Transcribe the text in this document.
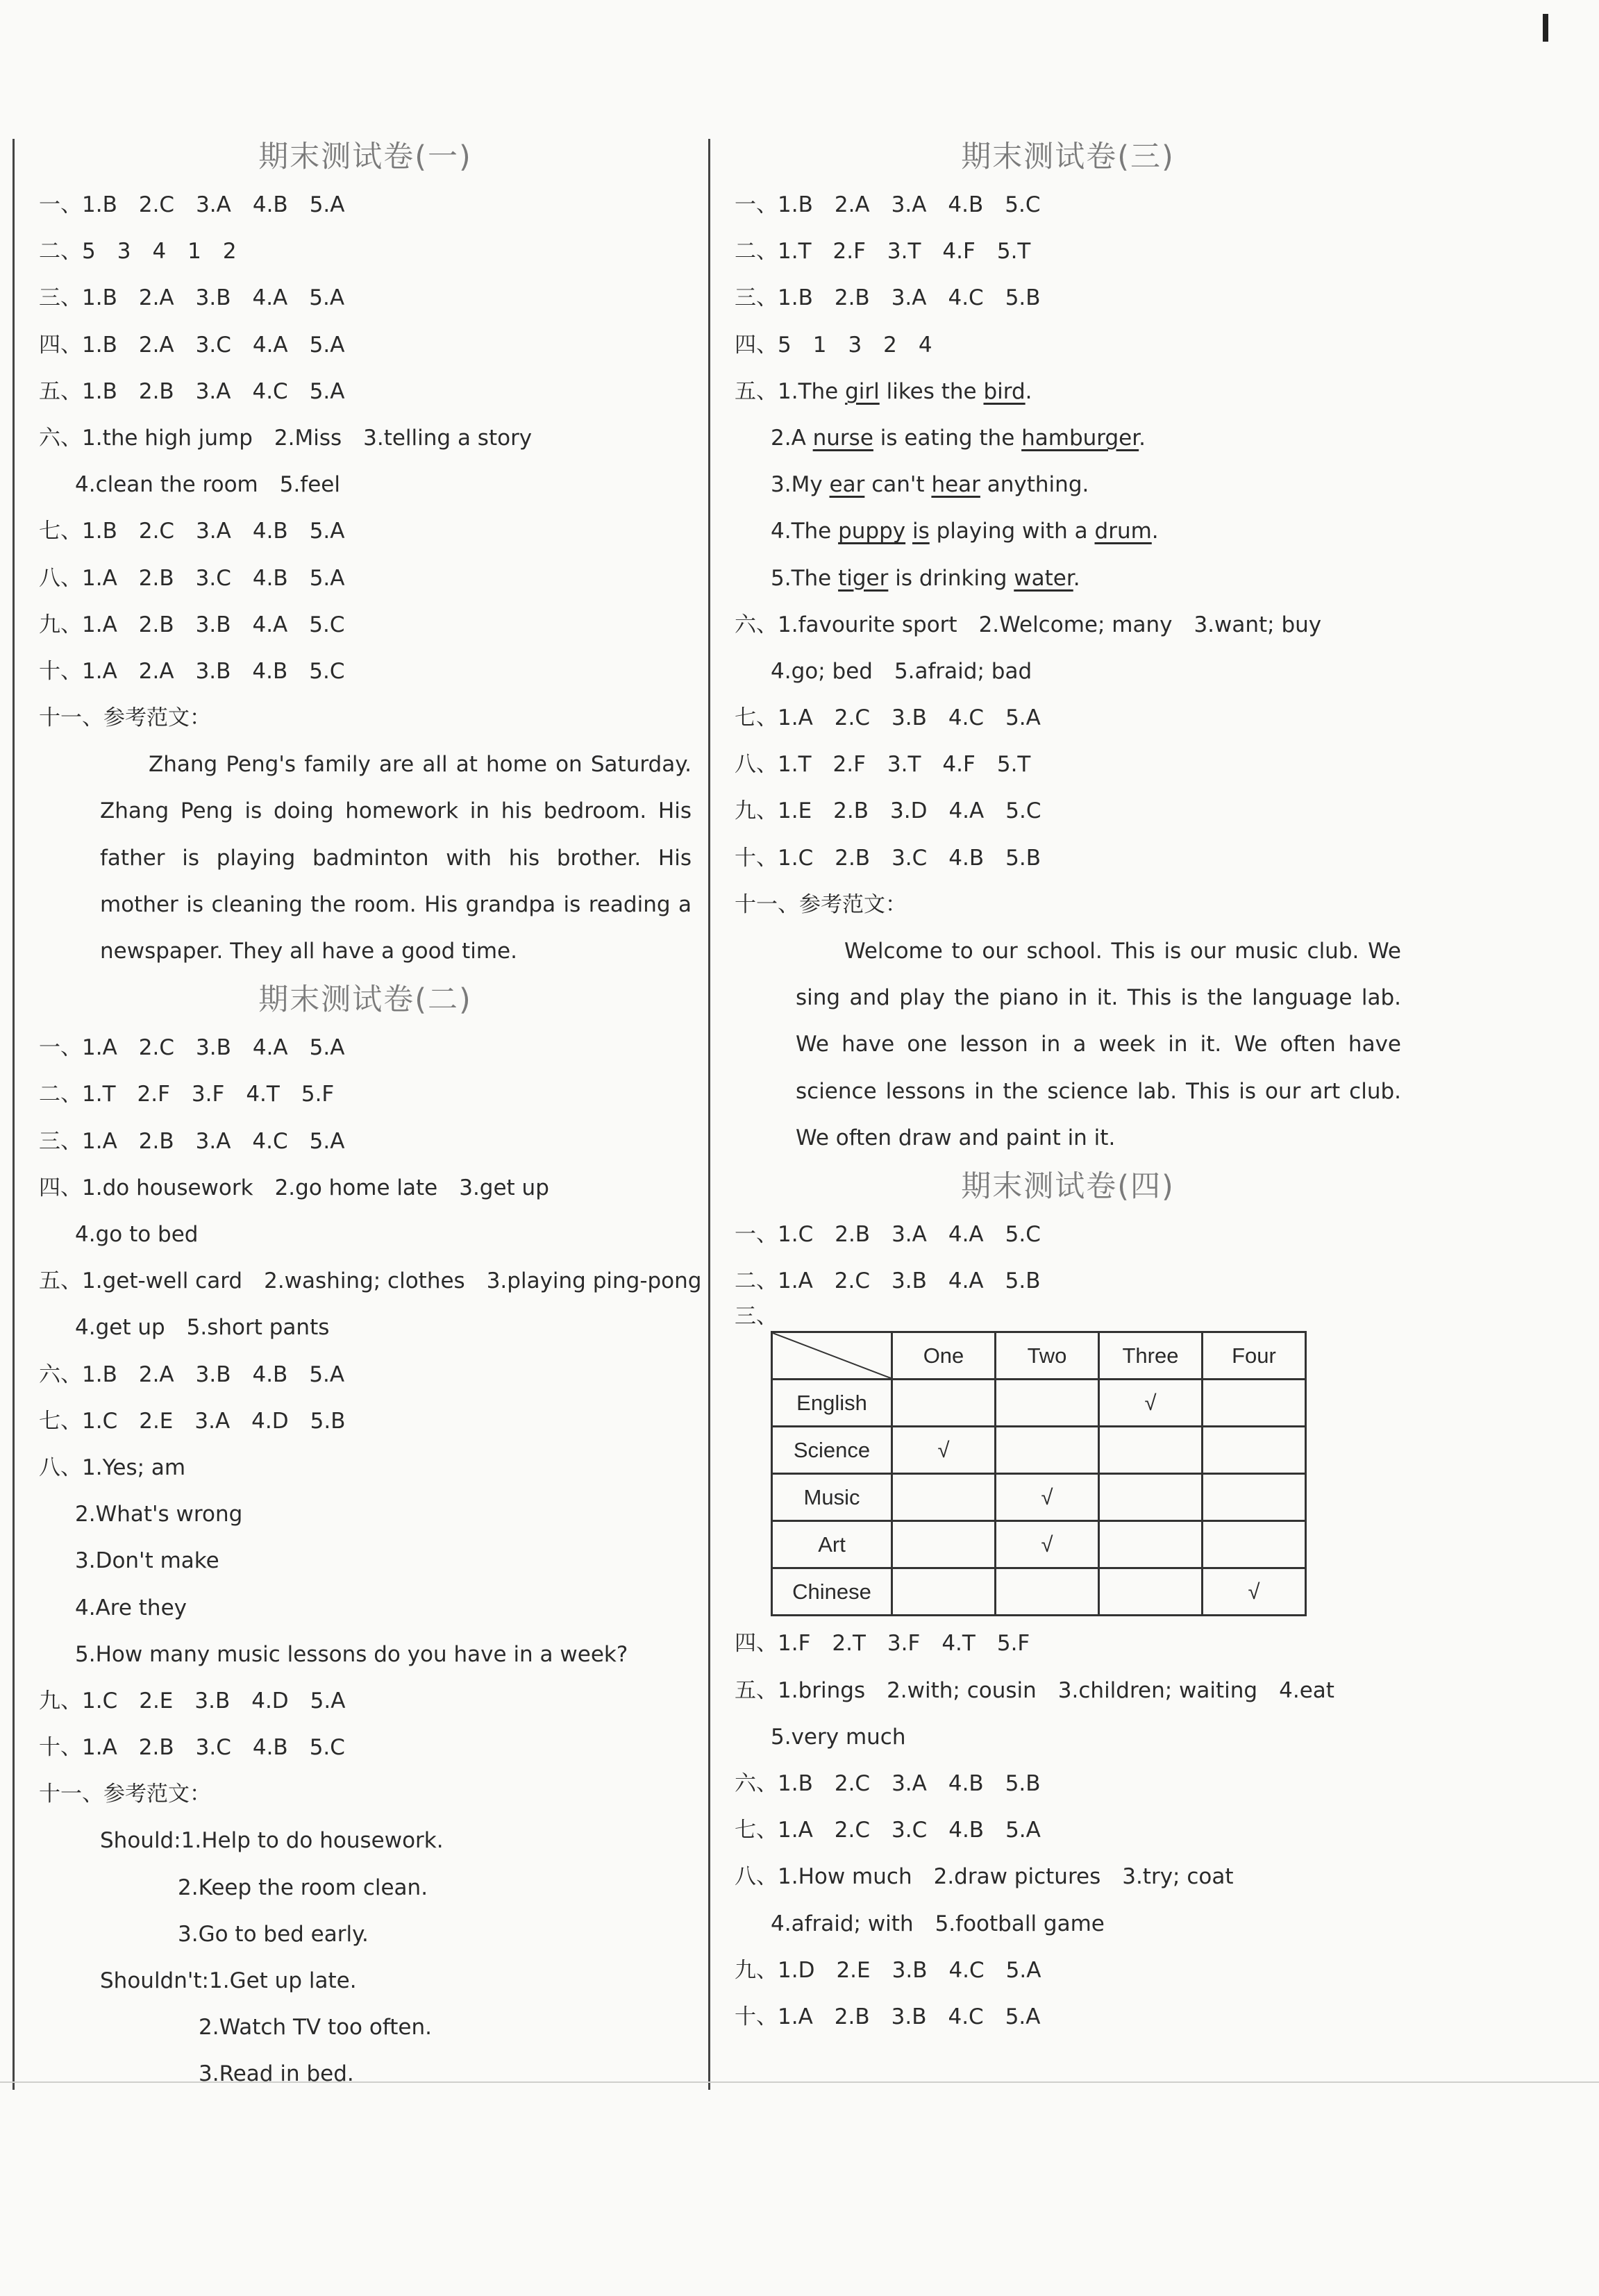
期末测试卷(一)
一、1.B　2.C　3.A　4.B　5.A
二、5　3　4　1　2
三、1.B　2.A　3.B　4.A　5.A
四、1.B　2.A　3.C　4.A　5.A
五、1.B　2.B　3.A　4.C　5.A
六、1.the high jump　2.Miss　3.telling a story
4.clean the room　5.feel
七、1.B　2.C　3.A　4.B　5.A
八、1.A　2.B　3.C　4.B　5.A
九、1.A　2.B　3.B　4.A　5.C
十、1.A　2.A　3.B　4.B　5.C
十一、参考范文：
Zhang Peng's family are all at home on Saturday. Zhang Peng is doing homework in his bedroom. His father is playing badminton with his brother. His mother is cleaning the room. His grandpa is reading a newspaper. They all have a good time.
期末测试卷(二)
一、1.A　2.C　3.B　4.A　5.A
二、1.T　2.F　3.F　4.T　5.F
三、1.A　2.B　3.A　4.C　5.A
四、1.do housework　2.go home late　3.get up
4.go to bed
五、1.get-well card　2.washing; clothes　3.playing ping-pong
4.get up　5.short pants
六、1.B　2.A　3.B　4.B　5.A
七、1.C　2.E　3.A　4.D　5.B
八、1.Yes; am
2.What's wrong
3.Don't make
4.Are they
5.How many music lessons do you have in a week?
九、1.C　2.E　3.B　4.D　5.A
十、1.A　2.B　3.C　4.B　5.C
十一、参考范文：
Should:1.Help to do housework.
2.Keep the room clean.
3.Go to bed early.
Shouldn't:1.Get up late.
2.Watch TV too often.
3.Read in bed.
期末测试卷(三)
一、1.B　2.A　3.A　4.B　5.C
二、1.T　2.F　3.T　4.F　5.T
三、1.B　2.B　3.A　4.C　5.B
四、5　1　3　2　4
五、1.The girl likes the bird.
2.A nurse is eating the hamburger.
3.My ear can't hear anything.
4.The puppy is playing with a drum.
5.The tiger is drinking water.
六、1.favourite sport　2.Welcome; many　3.want; buy
4.go; bed　5.afraid; bad
七、1.A　2.C　3.B　4.C　5.A
八、1.T　2.F　3.T　4.F　5.T
九、1.E　2.B　3.D　4.A　5.C
十、1.C　2.B　3.C　4.B　5.B
十一、参考范文：
Welcome to our school. This is our music club. We sing and play the piano in it. This is the language lab. We have one lesson in a week in it. We often have science lessons in the science lab. This is our art club. We often draw and paint in it.
期末测试卷(四)
一、1.C　2.B　3.A　4.A　5.C
二、1.A　2.C　3.B　4.A　5.B
三、
	One	Two	Three	Four
English			√	
Science	√			
Music		√		
Art		√		
Chinese				√
四、1.F　2.T　3.F　4.T　5.F
五、1.brings　2.with; cousin　3.children; waiting　4.eat
5.very much
六、1.B　2.C　3.A　4.B　5.B
七、1.A　2.C　3.C　4.B　5.A
八、1.How much　2.draw pictures　3.try; coat
4.afraid; with　5.football game
九、1.D　2.E　3.B　4.C　5.A
十、1.A　2.B　3.B　4.C　5.A
